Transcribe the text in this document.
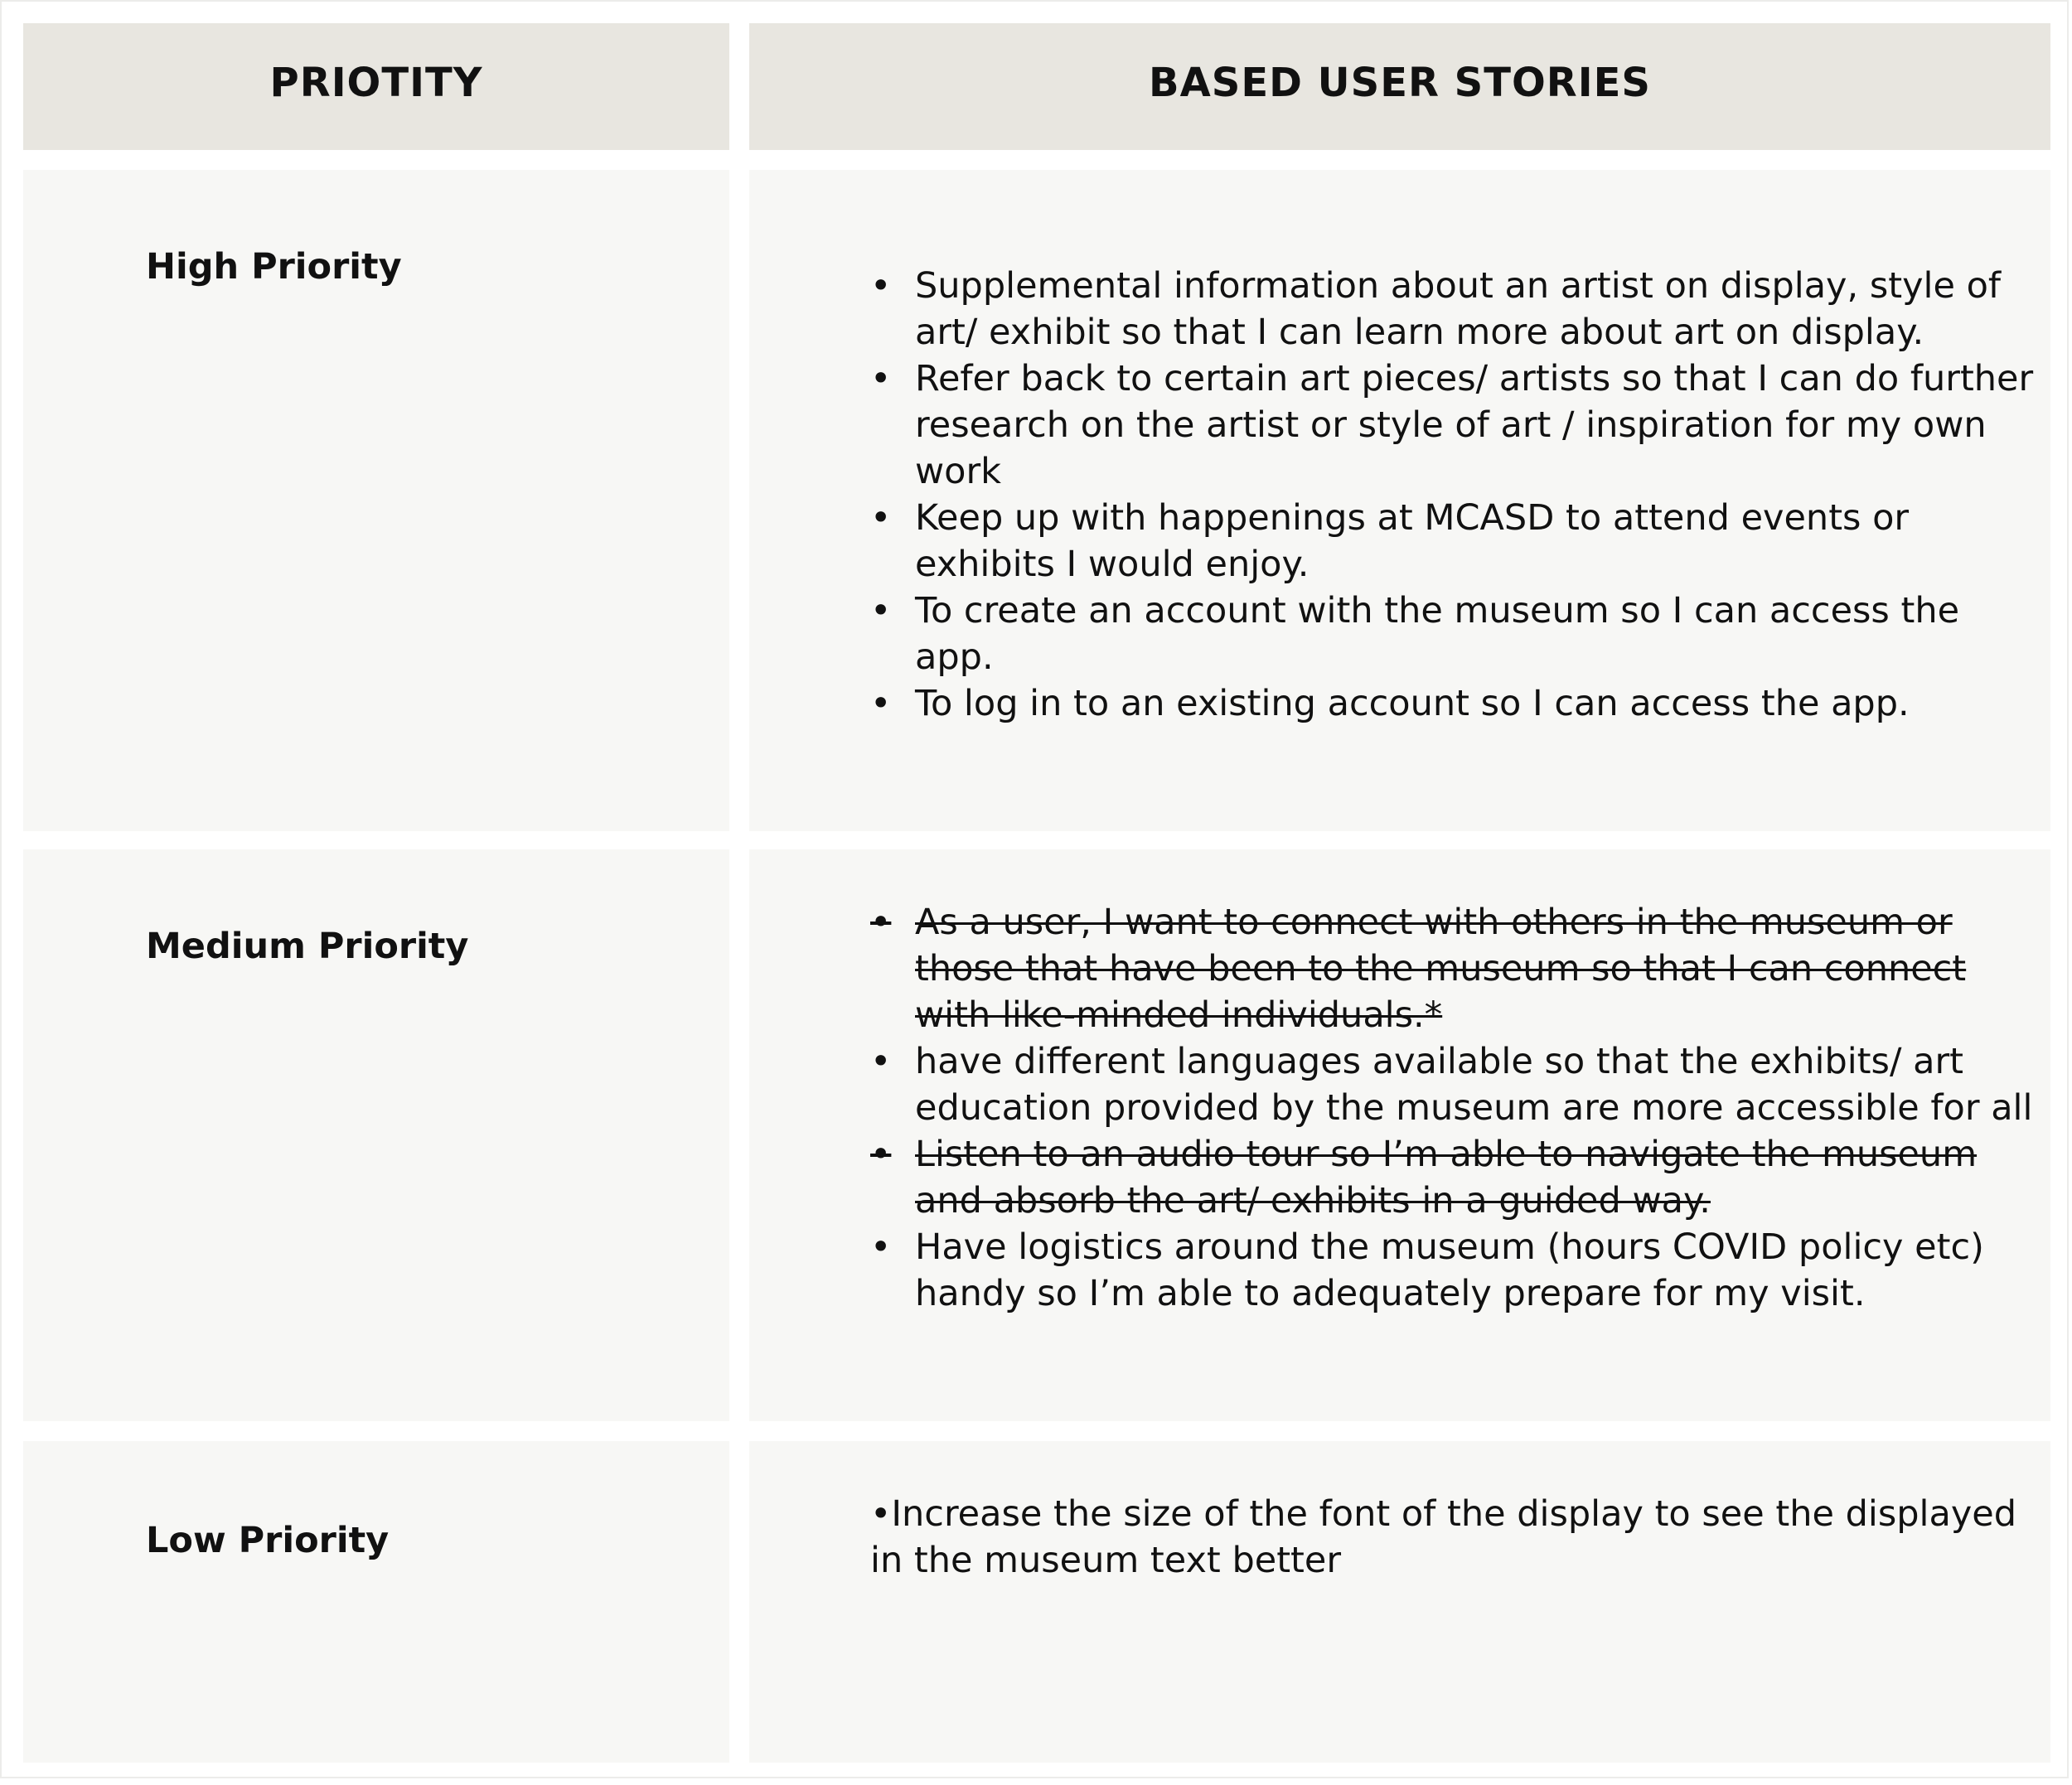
PRIOTITY	BASED USER STORIES
High Priority	• Supplemental information about an artist on display, style of art/ exhibit so that I can learn more about art on display.
• Refer back to certain art pieces/ artists so that I can do further research on the artist or style of art / inspiration for my own work
• Keep up with happenings at MCASD to attend events or exhibits I would enjoy.
• To create an account with the museum so I can access the app.
• To log in to an existing account so I can access the app.
Medium Priority
• As a user, I want to connect with others in the museum or those that have been to the museum so that I can connect with like-minded individuals.*
• have different languages available so that the exhibits/ art education provided by the museum are more accessible for all
• Listen to an audio tour so I’m able to navigate the museum and absorb the art/ exhibits in a guided way.
• Have logistics around the museum (hours COVID policy etc) handy so I’m able to adequately prepare for my visit.
Low Priority
•Increase the size of the font of the display to see the displayed in the museum text better
